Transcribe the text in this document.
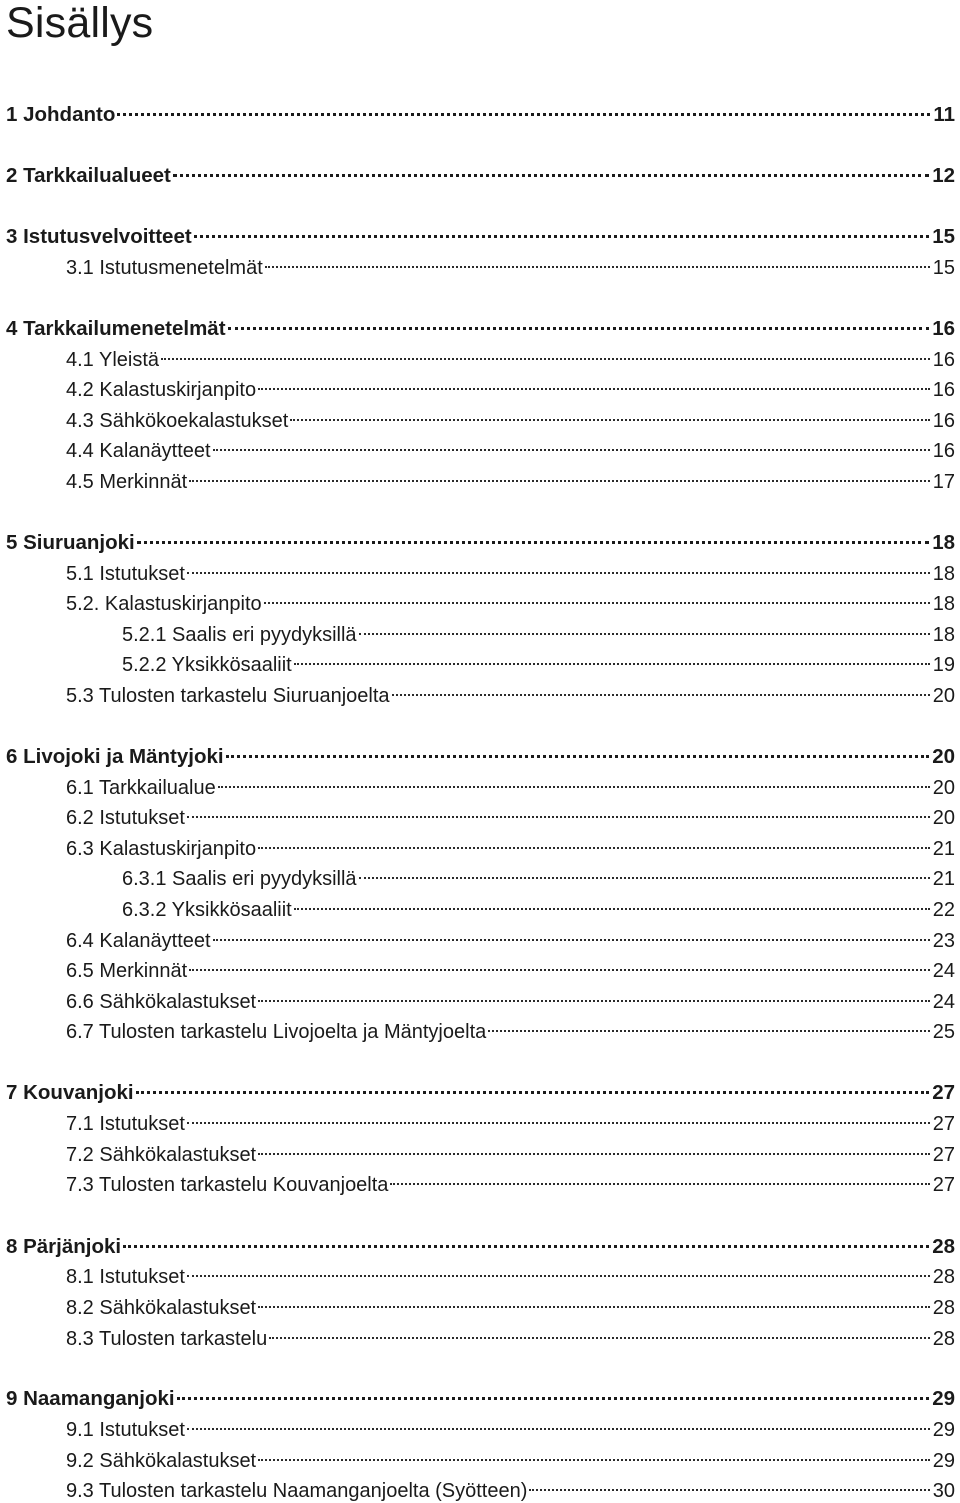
Sisällys
1 Johdanto	11
2 Tarkkailualueet	12
3 Istutusvelvoitteet	15
3.1 Istutusmenetelmät	15
4 Tarkkailumenetelmät	16
4.1 Yleistä	16
4.2 Kalastuskirjanpito	16
4.3 Sähkökoekalastukset	16
4.4 Kalanäytteet	16
4.5 Merkinnät	17
5 Siuruanjoki	18
5.1 Istutukset	18
5.2. Kalastuskirjanpito	18
5.2.1 Saalis eri pyydyksillä	18
5.2.2 Yksikkösaaliit	19
5.3 Tulosten tarkastelu Siuruanjoelta	20
6 Livojoki ja Mäntyjoki	20
6.1 Tarkkailualue	20
6.2 Istutukset	20
6.3 Kalastuskirjanpito	21
6.3.1 Saalis eri pyydyksillä	21
6.3.2 Yksikkösaaliit	22
6.4 Kalanäytteet	23
6.5 Merkinnät	24
6.6 Sähkökalastukset	24
6.7 Tulosten tarkastelu Livojoelta ja Mäntyjoelta	25
7 Kouvanjoki	27
7.1 Istutukset	27
7.2 Sähkökalastukset	27
7.3 Tulosten tarkastelu Kouvanjoelta	27
8 Pärjänjoki	28
8.1 Istutukset	28
8.2 Sähkökalastukset	28
8.3 Tulosten tarkastelu	28
9 Naamanganjoki	29
9.1 Istutukset	29
9.2 Sähkökalastukset	29
9.3 Tulosten tarkastelu Naamanganjoelta (Syötteen)	30
